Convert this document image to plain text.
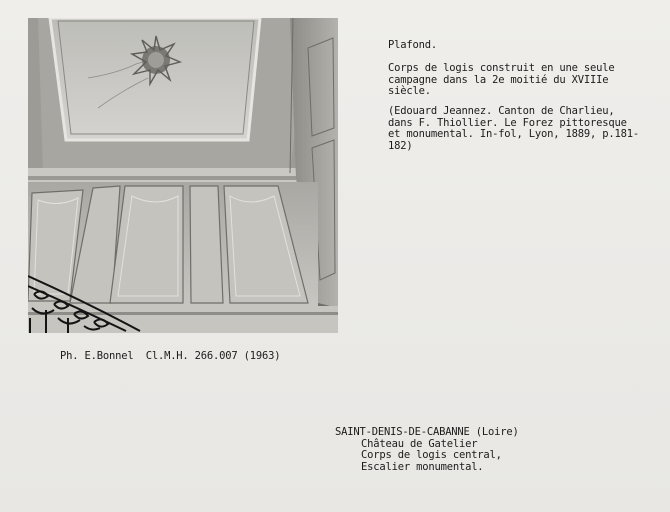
Plafond.
Corps de logis construit en une seule
campagne dans la 2e moitié du XVIIIe
siècle.
(Edouard Jeannez. Canton de Charlieu,
dans F. Thiollier. Le Forez pittoresque
et monumental. In-fol, Lyon, 1889, p.181-
182)
Ph. E.Bonnel  Cl.M.H. 266.007 (1963)
SAINT-DENIS-DE-CABANNE (Loire)
Château de Gatelier
Corps de logis central,
Escalier monumental.
